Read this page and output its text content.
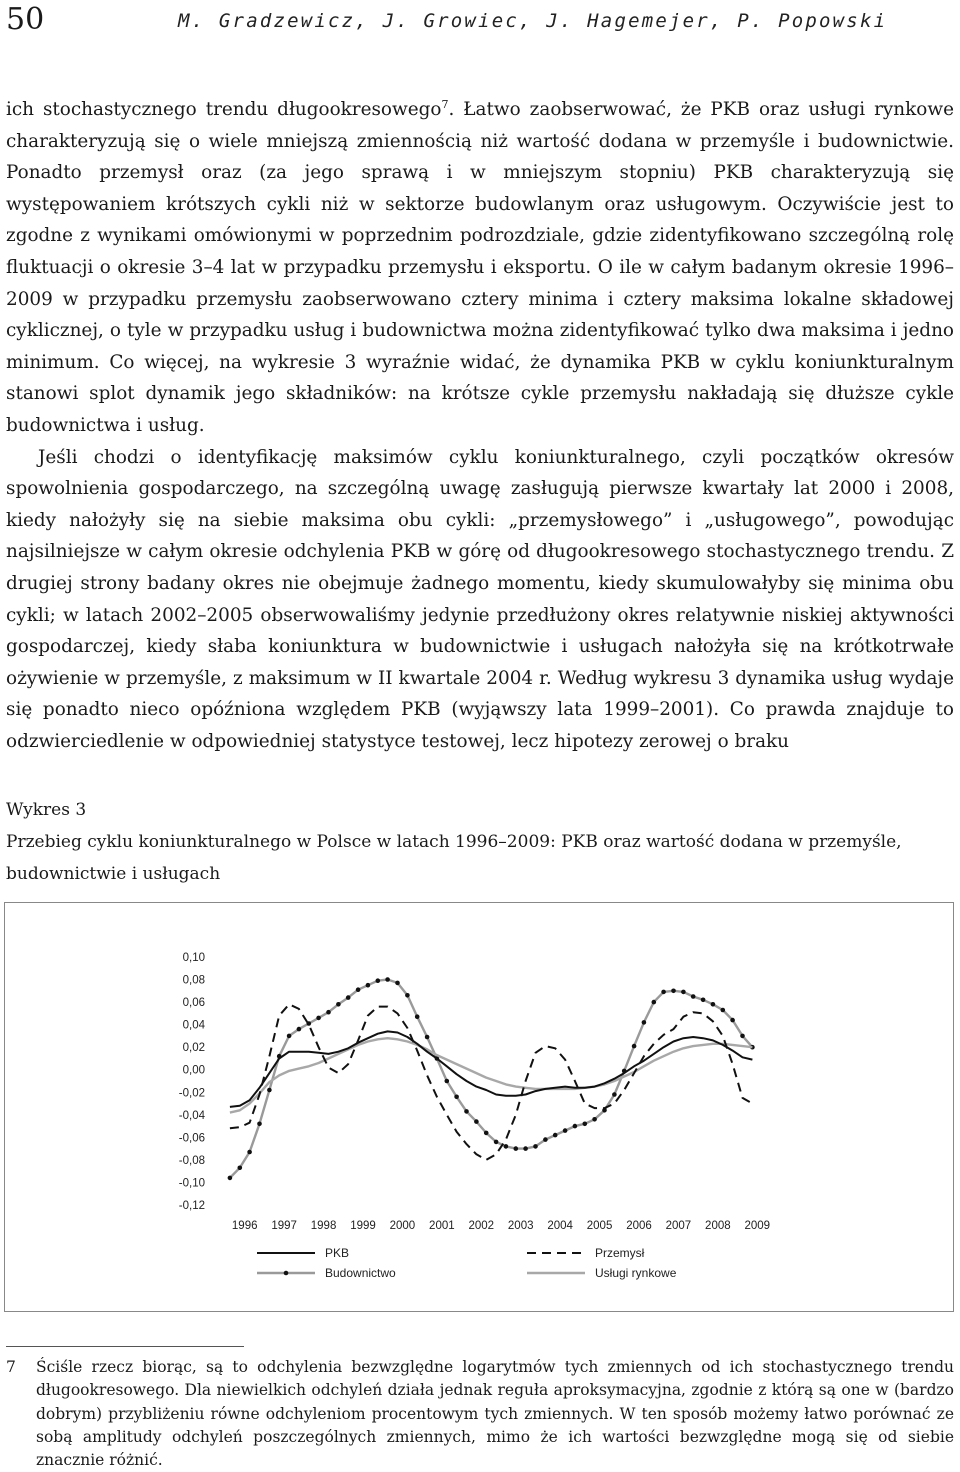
50	M. Gradzewicz, J. Growiec, J. Hagemejer, P. Popowski

ich stochastycznego trendu długookresowego$^7$. Łatwo zaobserwować, że PKB oraz usługi rynkowe charakteryzują się o wiele mniejszą zmiennością niż wartość dodana w przemyśle i budownictwie. Ponadto przemysł oraz (za jego sprawą i w mniejszym stopniu) PKB charakteryzują się występowaniem krótszych cykli niż w sektorze budowlanym oraz usługowym. Oczywiście jest to zgodne z wynikami omówionymi w poprzednim podrozdziale, gdzie zidentyfikowano szczególną rolę fluktuacji o okresie 3–4 lat w przypadku przemysłu i eksportu. O ile w całym badanym okresie 1996–2009 w przypadku przemysłu zaobserwowano cztery minima i cztery maksima lokalne składowej cyklicznej, o tyle w przypadku usług i budownictwa można zidentyfikować tylko dwa maksima i jedno minimum. Co więcej, na wykresie 3 wyraźnie widać, że dynamika PKB w cyklu koniunkturalnym stanowi splot dynamik jego składników: na krótsze cykle przemysłu nakładają się dłuższe cykle budownictwa i usług.

Jeśli chodzi o identyfikację maksimów cyklu koniunkturalnego, czyli początków okresów spowolnienia gospodarczego, na szczególną uwagę zasługują pierwsze kwartały lat 2000 i 2008, kiedy nałożyły się na siebie maksima obu cykli: „przemysłowego” i „usługowego”, powodując najsilniejsze w całym okresie odchylenia PKB w górę od długookresowego stochastycznego trendu. Z drugiej strony badany okres nie obejmuje żadnego momentu, kiedy skumulowałyby się minima obu cykli; w latach 2002–2005 obserwowaliśmy jedynie przedłużony okres relatywnie niskiej aktywności gospodarczej, kiedy słaba koniunktura w budownictwie i usługach nałożyła się na krótkotrwałe ożywienie w przemyśle, z maksimum w II kwartale 2004 r. Według wykresu 3 dynamika usług wydaje się ponadto nieco opóźniona względem PKB (wyjąwszy lata 1999–2001). Co prawda znajduje to odzwierciedlenie w odpowiedniej statystyce testowej, lecz hipotezy zerowej o braku

Wykres 3
Przebieg cyklu koniunkturalnego w Polsce w latach 1996–2009: PKB oraz wartość dodana w przemyśle, budownictwie i usługach
0,10
0,08
0,06
0,04
0,02
0,00
-0,02
-0,04
-0,06
-0,08
-0,10
-0,12
1996 1997 1998 1999 2000 2001 2002 2003 2004 2005 2006 2007 2008 2009
PKB	Przemysł
Budownictwo	Usługi rynkowe
7 Ściśle rzecz biorąc, są to odchylenia bezwzględne logarytmów tych zmiennych od ich stochastycznego trendu długookresowego. Dla niewielkich odchyleń działa jednak reguła aproksymacyjna, zgodnie z którą są one w (bardzo dobrym) przybliżeniu równe odchyleniom procentowym tych zmiennych. W ten sposób możemy łatwo porównać ze sobą amplitudy odchyleń poszczególnych zmiennych, mimo że ich wartości bezwzględne mogą się od siebie znacznie różnić.
